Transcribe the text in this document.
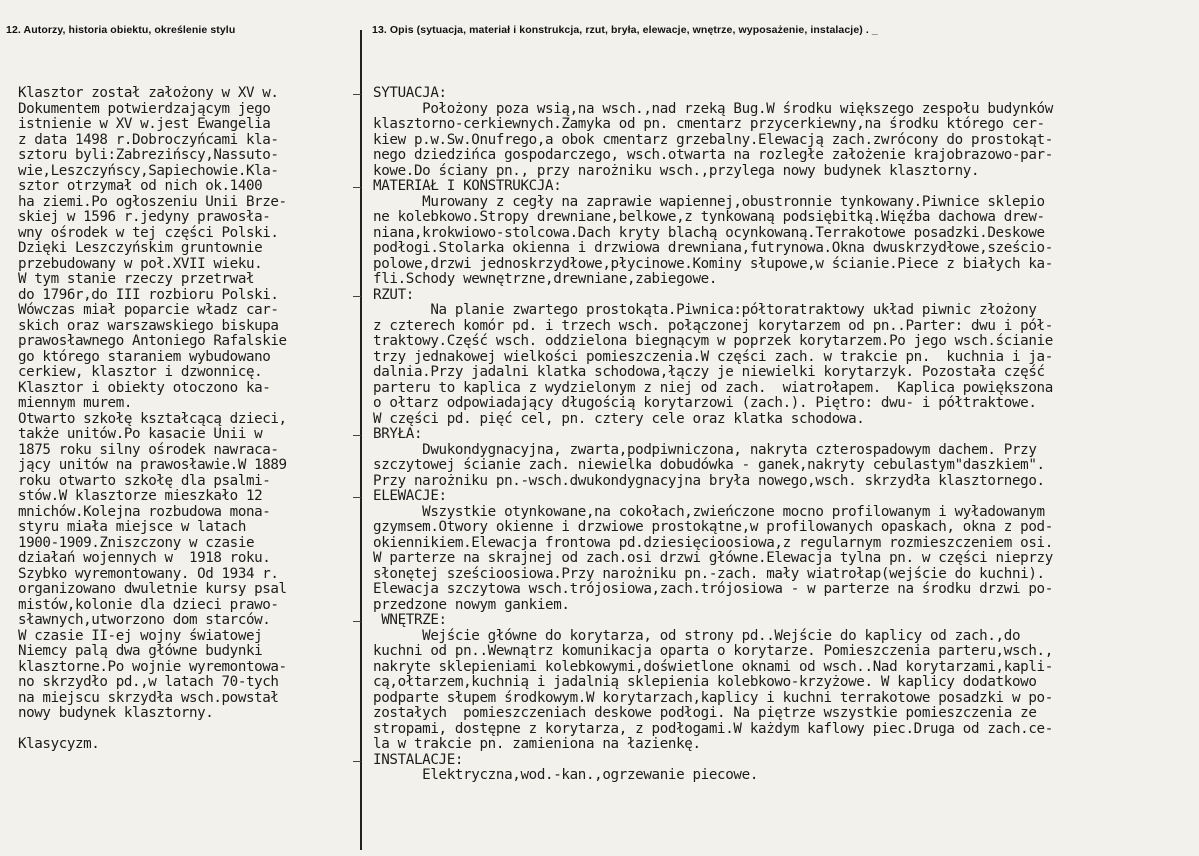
12. Autorzy, historia obiektu, określenie stylu	13. Opis (sytuacja, materiał i konstrukcja, rzut, bryła, elewacje, wnętrze, wyposażenie, instalacje) . _
Klasztor został założony w XV w.
Dokumentem potwierdzającym jego
istnienie w XV w.jest Ewangelia
z data 1498 r.Dobroczyńcami kla-
sztoru byli:Zabrezińscy,Nassuto-
wie,Leszczyńscy,Sapiechowie.Kla-
sztor otrzymał od nich ok.1400
ha ziemi.Po ogłoszeniu Unii Brze-
skiej w 1596 r.jedyny prawosła-
wny ośrodek w tej części Polski.
Dzięki Leszczyńskim gruntownie
przebudowany w poł.XVII wieku.
W tym stanie rzeczy przetrwał
do 1796r,do III rozbioru Polski.
Wówczas miał poparcie władz car-
skich oraz warszawskiego biskupa
prawosławnego Antoniego Rafalskie
go którego staraniem wybudowano
cerkiew, klasztor i dzwonnicę.
Klasztor i obiekty otoczono ka-
miennym murem.
Otwarto szkołę kształcącą dzieci,
także unitów.Po kasacie Unii w
1875 roku silny ośrodek nawraca-
jący unitów na prawosławie.W 1889
roku otwarto szkołę dla psalmi-
stów.W klasztorze mieszkało 12
mnichów.Kolejna rozbudowa mona-
styru miała miejsce w latach
1900-1909.Zniszczony w czasie
działań wojennych w  1918 roku.
Szybko wyremontowany. Od 1934 r.
organizowano dwuletnie kursy psal
mistów,kolonie dla dzieci prawo-
sławnych,utworzono dom starców.
W czasie II-ej wojny światowej
Niemcy palą dwa główne budynki
klasztorne.Po wojnie wyremontowa-
no skrzydło pd.,w latach 70-tych
na miejscu skrzydła wsch.powstał
nowy budynek klasztorny.
Klasycyzm.
SYTUACJA:
Położony poza wsią,na wsch.,nad rzeką Bug.W środku większego zespołu budynków
klasztorno-cerkiewnych.Zamyka od pn. cmentarz przycerkiewny,na środku którego cer-
kiew p.w.Sw.Onufrego,a obok cmentarz grzebalny.Elewacją zach.zwrócony do prostokąt-
nego dziedzińca gospodarczego, wsch.otwarta na rozległe założenie krajobrazowo-par-
kowe.Do ściany pn., przy narożniku wsch.,przylega nowy budynek klasztorny.
MATERIAŁ I KONSTRUKCJA:
Murowany z cegły na zaprawie wapiennej,obustronnie tynkowany.Piwnice sklepio
ne kolebkowo.Stropy drewniane,belkowe,z tynkowaną podsiębitką.Więźba dachowa drew-
niana,krokwiowo-stolcowa.Dach kryty blachą ocynkowaną.Terrakotowe posadzki.Deskowe
podłogi.Stolarka okienna i drzwiowa drewniana,futrynowa.Okna dwuskrzydłowe,sześcio-
polowe,drzwi jednoskrzydłowe,płycinowe.Kominy słupowe,w ścianie.Piece z białych ka-
fli.Schody wewnętrzne,drewniane,zabiegowe.
RZUT:
Na planie zwartego prostokąta.Piwnica:półtoratraktowy układ piwnic złożony
z czterech komór pd. i trzech wsch. połączonej korytarzem od pn..Parter: dwu i pół-
traktowy.Część wsch. oddzielona biegnącym w poprzek korytarzem.Po jego wsch.ścianie
trzy jednakowej wielkości pomieszczenia.W części zach. w trakcie pn.  kuchnia i ja-
dalnia.Przy jadalni klatka schodowa,łączy je niewielki korytarzyk. Pozostała część
parteru to kaplica z wydzielonym z niej od zach.  wiatrołapem.  Kaplica powiększona
o ołtarz odpowiadający długością korytarzowi (zach.). Piętro: dwu- i półtraktowe.
W części pd. pięć cel, pn. cztery cele oraz klatka schodowa.
BRYŁA:
Dwukondygnacyjna, zwarta,podpiwniczona, nakryta czterospadowym dachem. Przy
szczytowej ścianie zach. niewielka dobudówka - ganek,nakryty cebulastym"daszkiem".
Przy narożniku pn.-wsch.dwukondygnacyjna bryła nowego,wsch. skrzydła klasztornego.
ELEWACJE:
Wszystkie otynkowane,na cokołach,zwieńczone mocno profilowanym i wyładowanym
gzymsem.Otwory okienne i drzwiowe prostokątne,w profilowanych opaskach, okna z pod-
okiennikiem.Elewacja frontowa pd.dziesięcioosiowa,z regularnym rozmieszczeniem osi.
W parterze na skrajnej od zach.osi drzwi główne.Elewacja tylna pn. w części nieprzy
słonętej sześcioosiowa.Przy narożniku pn.-zach. mały wiatrołap(wejście do kuchni).
Elewacja szczytowa wsch.trójosiowa,zach.trójosiowa - w parterze na środku drzwi po-
przedzone nowym gankiem.
WNĘTRZE:
Wejście główne do korytarza, od strony pd..Wejście do kaplicy od zach.,do
kuchni od pn..Wewnątrz komunikacja oparta o korytarze. Pomieszczenia parteru,wsch.,
nakryte sklepieniami kolebkowymi,doświetlone oknami od wsch..Nad korytarzami,kapli-
cą,ołtarzem,kuchnią i jadalnią sklepienia kolebkowo-krzyżowe. W kaplicy dodatkowo
podparte słupem środkowym.W korytarzach,kaplicy i kuchni terrakotowe posadzki w po-
zostałych  pomieszczeniach deskowe podłogi. Na piętrze wszystkie pomieszczenia ze
stropami, dostępne z korytarza, z podłogami.W każdym kaflowy piec.Druga od zach.ce-
la w trakcie pn. zamieniona na łazienkę.
INSTALACJE:
Elektryczna,wod.-kan.,ogrzewanie piecowe.
